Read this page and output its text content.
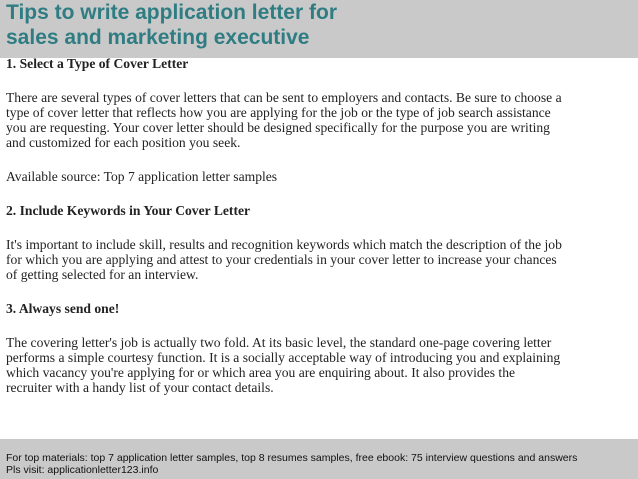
Tips to write application letter for
sales and marketing executive

1. Select a Type of Cover Letter

There are several types of cover letters that can be sent to employers and contacts. Be sure to choose a
type of cover letter that reflects how you are applying for the job or the type of job search assistance
you are requesting. Your cover letter should be designed specifically for the purpose you are writing
and customized for each position you seek.

Available source: Top 7 application letter samples

2. Include Keywords in Your Cover Letter

It's important to include skill, results and recognition keywords which match the description of the job
for which you are applying and attest to your credentials in your cover letter to increase your chances
of getting selected for an interview.

3. Always send one!

The covering letter's job is actually two fold. At its basic level, the standard one-page covering letter
performs a simple courtesy function. It is a socially acceptable way of introducing you and explaining
which vacancy you're applying for or which area you are enquiring about. It also provides the
recruiter with a handy list of your contact details.

For top materials: top 7 application letter samples, top 8 resumes samples, free ebook: 75 interview questions and answers
Pls visit: applicationletter123.info
